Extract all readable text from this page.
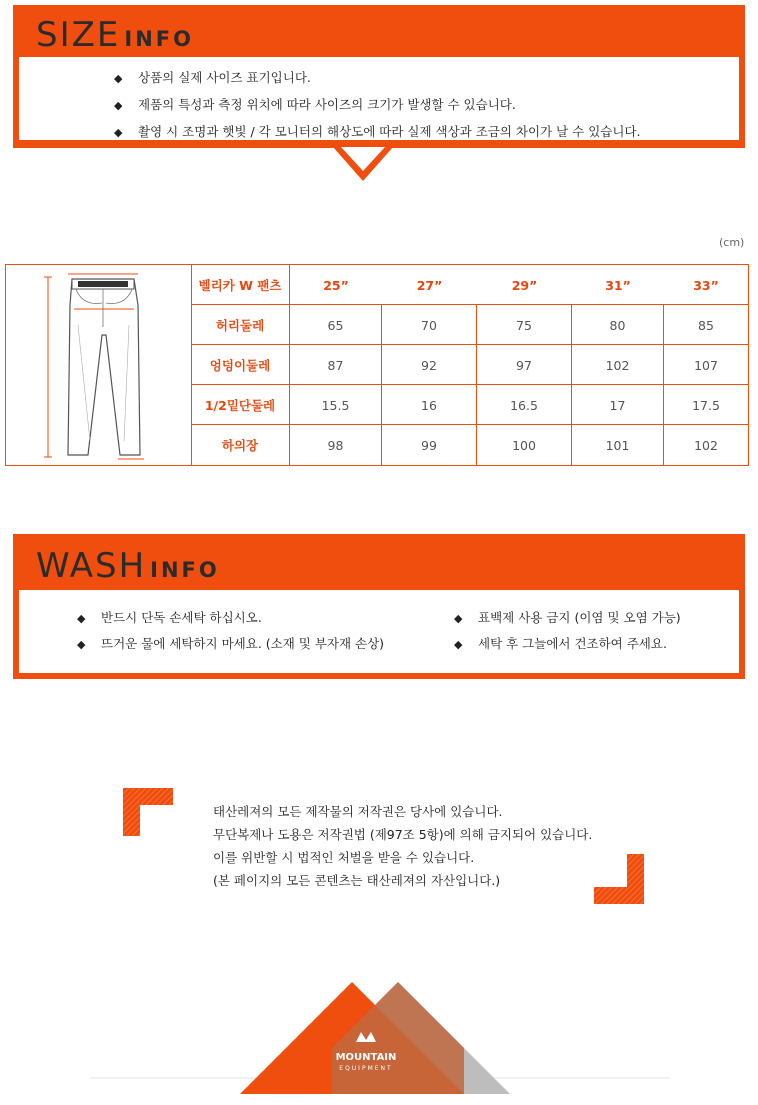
SIZE INFO
◆ 상품의 실제 사이즈 표기입니다.
◆ 제품의 특성과 측정 위치에 따라 사이즈의 크기가 발생할 수 있습니다.
◆ 촬영 시 조명과 햇빛 / 각 모니터의 해상도에 따라 실제 색상과 조금의 차이가 날 수 있습니다.
(cm)
벨리카 W 팬츠	25”	27”	29”	31”	33”
허리둘레	65	70	75	80	85
엉덩이둘레	87	92	97	102	107
1/2밑단둘레	15.5	16	16.5	17	17.5
하의장	98	99	100	101	102
WASH INFO
◆ 반드시 단독 손세탁 하십시오.
◆ 뜨거운 물에 세탁하지 마세요. (소재 및 부자재 손상)
◆ 표백제 사용 금지 (이염 및 오염 가능)
◆ 세탁 후 그늘에서 건조하여 주세요.
태산레져의 모든 제작물의 저작권은 당사에 있습니다.
무단복제나 도용은 저작권법 (제97조 5항)에 의해 금지되어 있습니다.
이를 위반할 시 법적인 처벌을 받을 수 있습니다.
(본 페이지의 모든 콘텐츠는 태산레져의 자산입니다.)
MOUNTAIN
EQUIPMENT
